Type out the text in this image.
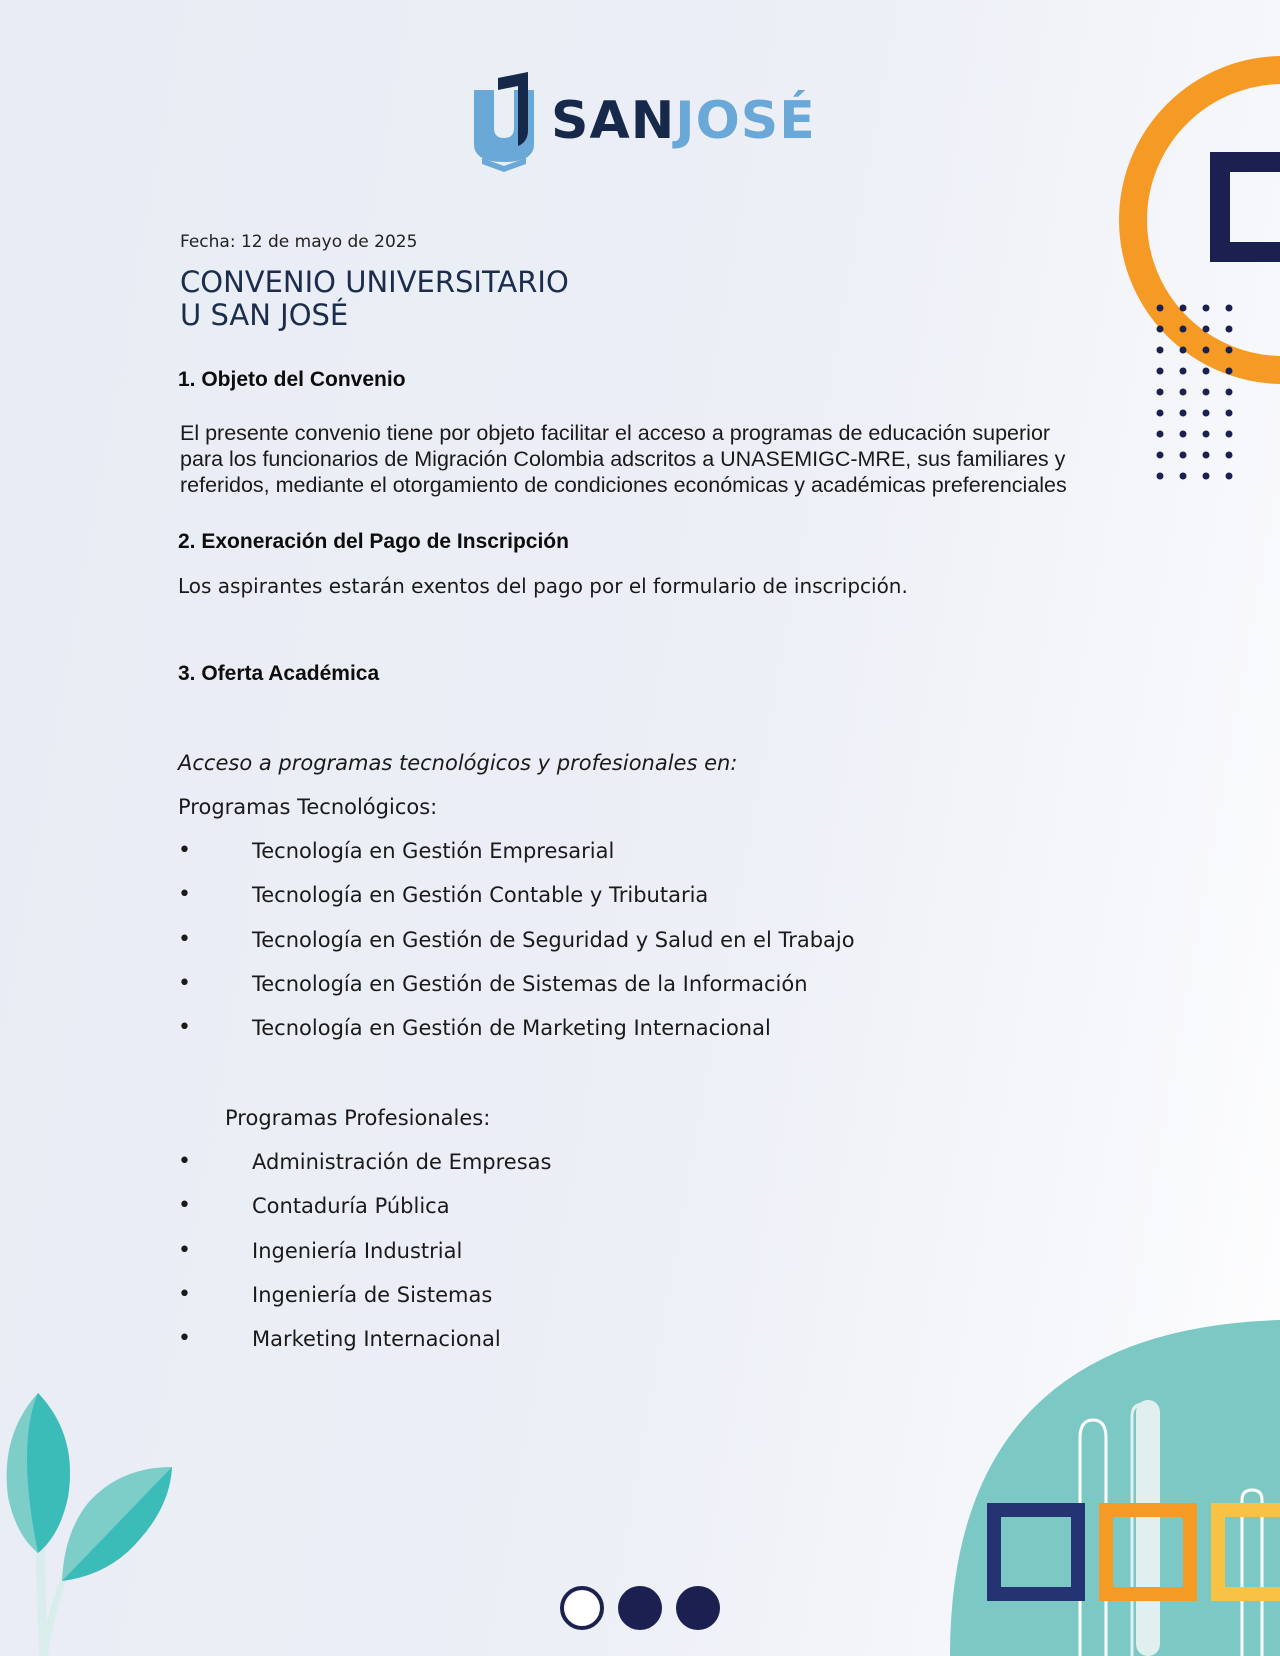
SANJOSÉ
Fecha: 12 de mayo de 2025
CONVENIO UNIVERSITARIO
U SAN JOSÉ
1. Objeto del Convenio
El presente convenio tiene por objeto facilitar el acceso a programas de educación superior
para los funcionarios de Migración Colombia adscritos a UNASEMIGC-MRE, sus familiares y
referidos, mediante el otorgamiento de condiciones económicas y académicas preferenciales
2. Exoneración del Pago de Inscripción
Los aspirantes estarán exentos del pago por el formulario de inscripción.
3. Oferta Académica
Acceso a programas tecnológicos y profesionales en:
Programas Tecnológicos:
•	Tecnología en Gestión Empresarial
•	Tecnología en Gestión Contable y Tributaria
•	Tecnología en Gestión de Seguridad y Salud en el Trabajo
•	Tecnología en Gestión de Sistemas de la Información
•	Tecnología en Gestión de Marketing Internacional
Programas Profesionales:
•	Administración de Empresas
•	Contaduría Pública
•	Ingeniería Industrial
•	Ingeniería de Sistemas
•	Marketing Internacional
